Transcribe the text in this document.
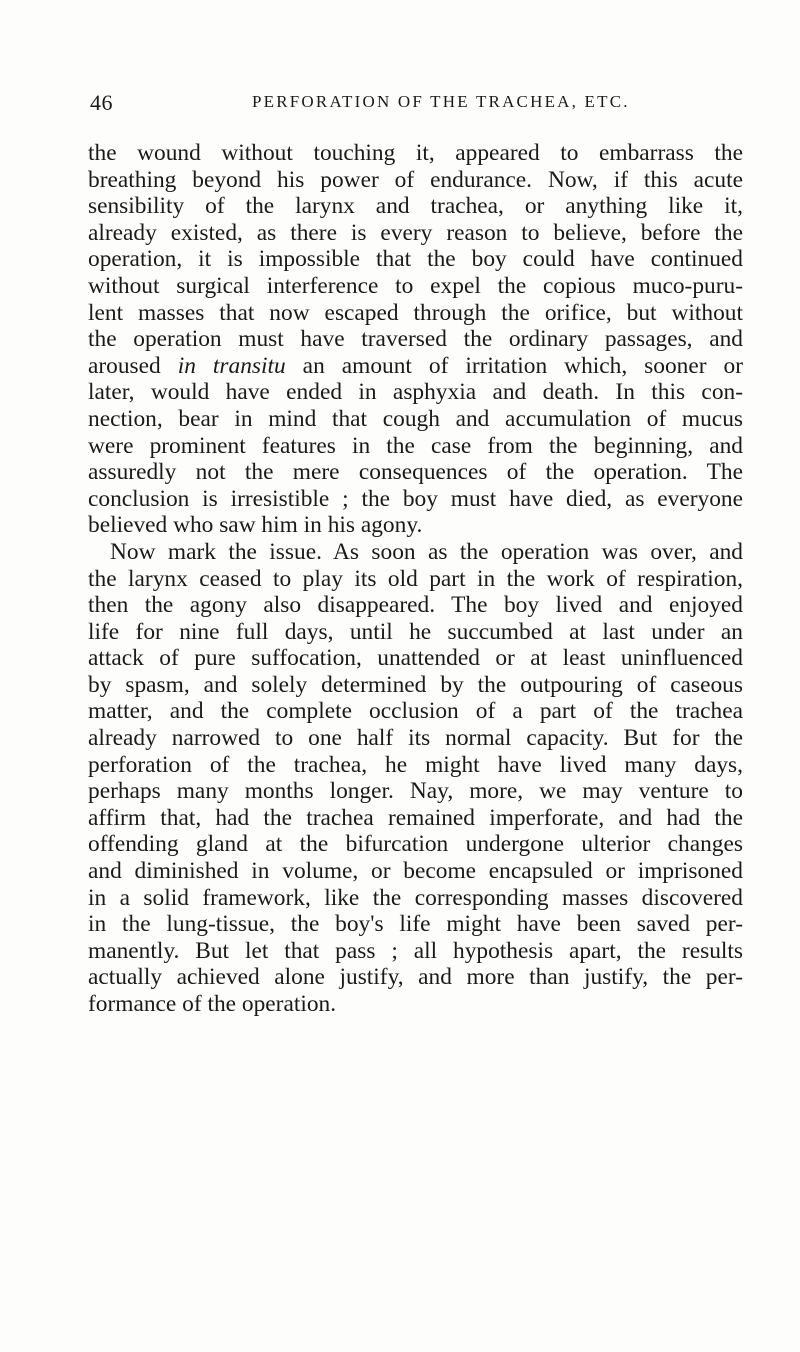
46	PERFORATION OF THE TRACHEA, ETC.
the wound without touching it, appeared to embarrass the
breathing beyond his power of endurance. Now, if this acute
sensibility of the larynx and trachea, or anything like it,
already existed, as there is every reason to believe, before the
operation, it is impossible that the boy could have continued
without surgical interference to expel the copious muco-puru-
lent masses that now escaped through the orifice, but without
the operation must have traversed the ordinary passages, and
aroused in transitu an amount of irritation which, sooner or
later, would have ended in asphyxia and death. In this con-
nection, bear in mind that cough and accumulation of mucus
were prominent features in the case from the beginning, and
assuredly not the mere consequences of the operation. The
conclusion is irresistible ; the boy must have died, as everyone
believed who saw him in his agony.
Now mark the issue. As soon as the operation was over, and
the larynx ceased to play its old part in the work of respiration,
then the agony also disappeared. The boy lived and enjoyed
life for nine full days, until he succumbed at last under an
attack of pure suffocation, unattended or at least uninfluenced
by spasm, and solely determined by the outpouring of caseous
matter, and the complete occlusion of a part of the trachea
already narrowed to one half its normal capacity. But for the
perforation of the trachea, he might have lived many days,
perhaps many months longer. Nay, more, we may venture to
affirm that, had the trachea remained imperforate, and had the
offending gland at the bifurcation undergone ulterior changes
and diminished in volume, or become encapsuled or imprisoned
in a solid framework, like the corresponding masses discovered
in the lung-tissue, the boy's life might have been saved per-
manently. But let that pass ; all hypothesis apart, the results
actually achieved alone justify, and more than justify, the per-
formance of the operation.
